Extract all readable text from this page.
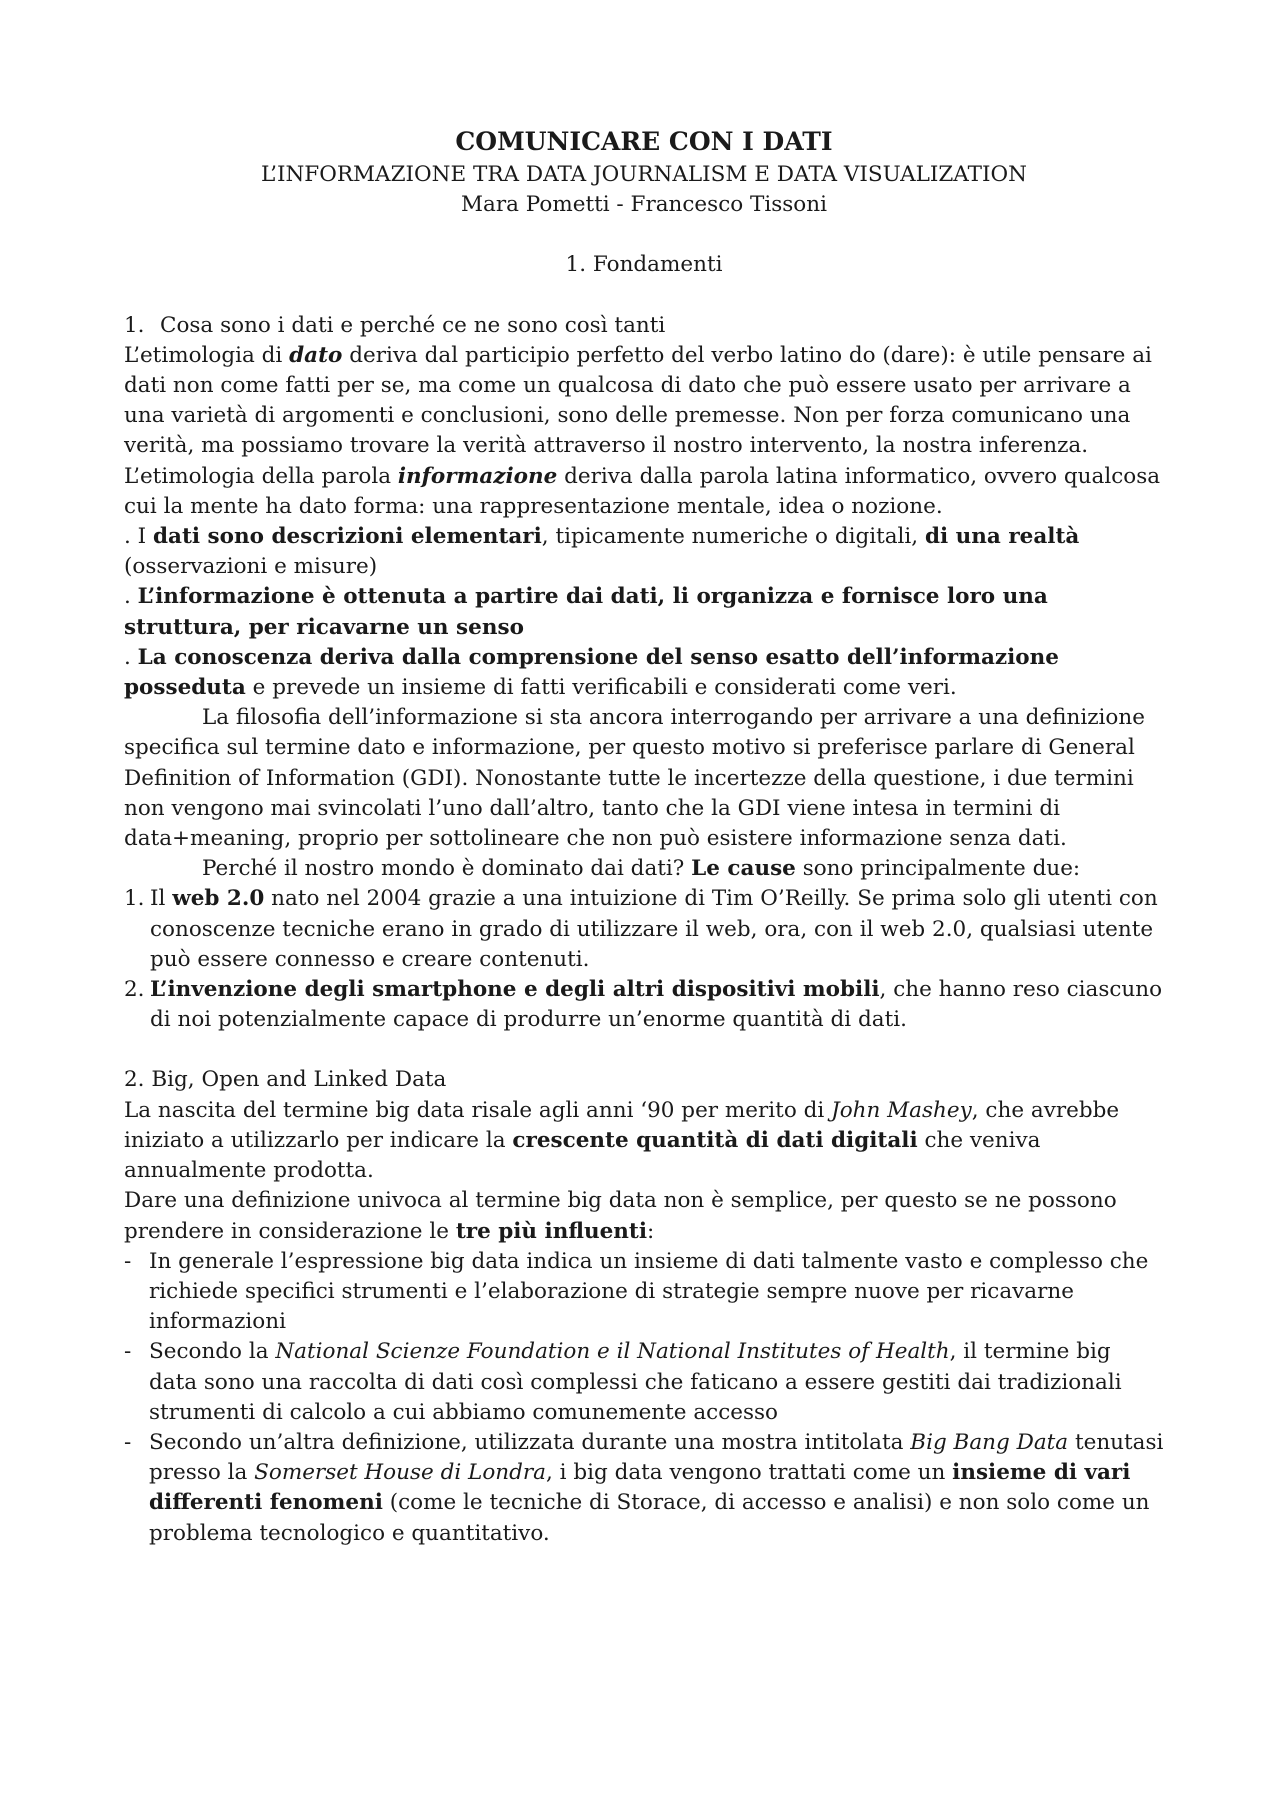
COMUNICARE CON I DATI

L’INFORMAZIONE TRA DATA JOURNALISM E DATA VISUALIZATION

Mara Pometti - Francesco Tissoni

1. Fondamenti

1. Cosa sono i dati e perché ce ne sono così tanti

L’etimologia di dato deriva dal participio perfetto del verbo latino do (dare): è utile pensare ai dati non come fatti per se, ma come un qualcosa di dato che può essere usato per arrivare a una varietà di argomenti e conclusioni, sono delle premesse. Non per forza comunicano una verità, ma possiamo trovare la verità attraverso il nostro intervento, la nostra inferenza.

L’etimologia della parola informazione deriva dalla parola latina informatico, ovvero qualcosa cui la mente ha dato forma: una rappresentazione mentale, idea o nozione.

. I dati sono descrizioni elementari, tipicamente numeriche o digitali, di una realtà (osservazioni e misure)

. L’informazione è ottenuta a partire dai dati, li organizza e fornisce loro una struttura, per ricavarne un senso

. La conoscenza deriva dalla comprensione del senso esatto dell’informazione posseduta e prevede un insieme di fatti verificabili e considerati come veri.

La filosofia dell’informazione si sta ancora interrogando per arrivare a una definizione specifica sul termine dato e informazione, per questo motivo si preferisce parlare di General Definition of Information (GDI). Nonostante tutte le incertezze della questione, i due termini non vengono mai svincolati l’uno dall’altro, tanto che la GDI viene intesa in termini di data+meaning, proprio per sottolineare che non può esistere informazione senza dati.

Perché il nostro mondo è dominato dai dati? Le cause sono principalmente due:

1. Il web 2.0 nato nel 2004 grazie a una intuizione di Tim O’Reilly. Se prima solo gli utenti con conoscenze tecniche erano in grado di utilizzare il web, ora, con il web 2.0, qualsiasi utente può essere connesso e creare contenuti.
2. L’invenzione degli smartphone e degli altri dispositivi mobili, che hanno reso ciascuno di noi potenzialmente capace di produrre un’enorme quantità di dati.

2. Big, Open and Linked Data

La nascita del termine big data risale agli anni ‘90 per merito di John Mashey, che avrebbe iniziato a utilizzarlo per indicare la crescente quantità di dati digitali che veniva annualmente prodotta.

Dare una definizione univoca al termine big data non è semplice, per questo se ne possono prendere in considerazione le tre più influenti:

- In generale l’espressione big data indica un insieme di dati talmente vasto e complesso che richiede specifici strumenti e l’elaborazione di strategie sempre nuove per ricavarne informazioni
- Secondo la National Scienze Foundation e il National Institutes of Health, il termine big data sono una raccolta di dati così complessi che faticano a essere gestiti dai tradizionali strumenti di calcolo a cui abbiamo comunemente accesso
- Secondo un’altra definizione, utilizzata durante una mostra intitolata Big Bang Data tenutasi presso la Somerset House di Londra, i big data vengono trattati come un insieme di vari differenti fenomeni (come le tecniche di Storace, di accesso e analisi) e non solo come un problema tecnologico e quantitativo.
